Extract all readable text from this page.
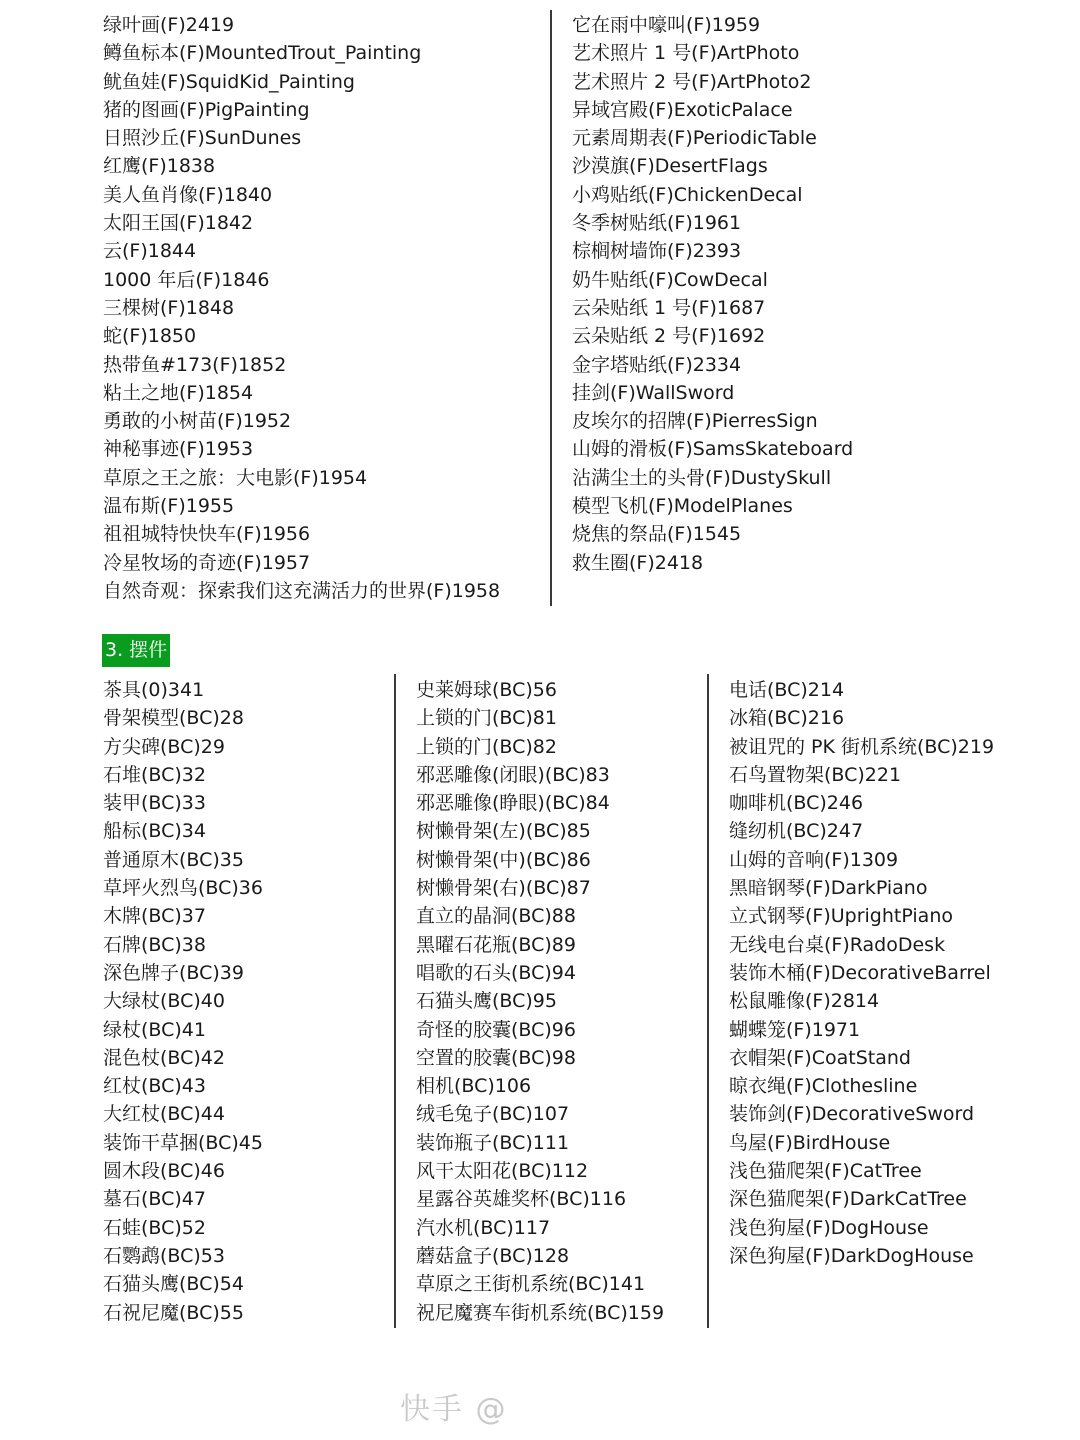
绿叶画(F)2419
鳟鱼标本(F)MountedTrout_Painting
鱿鱼娃(F)SquidKid_Painting
猪的图画(F)PigPainting
日照沙丘(F)SunDunes
红鹰(F)1838
美人鱼肖像(F)1840
太阳王国(F)1842
云(F)1844
1000 年后(F)1846
三棵树(F)1848
蛇(F)1850
热带鱼#173(F)1852
粘土之地(F)1854
勇敢的小树苗(F)1952
神秘事迹(F)1953
草原之王之旅：大电影(F)1954
温布斯(F)1955
祖祖城特快快车(F)1956
冷星牧场的奇迹(F)1957
自然奇观：探索我们这充满活力的世界(F)1958
它在雨中嚎叫(F)1959
艺术照片 1 号(F)ArtPhoto
艺术照片 2 号(F)ArtPhoto2
异域宫殿(F)ExoticPalace
元素周期表(F)PeriodicTable
沙漠旗(F)DesertFlags
小鸡贴纸(F)ChickenDecal
冬季树贴纸(F)1961
棕榈树墙饰(F)2393
奶牛贴纸(F)CowDecal
云朵贴纸 1 号(F)1687
云朵贴纸 2 号(F)1692
金字塔贴纸(F)2334
挂剑(F)WallSword
皮埃尔的招牌(F)PierresSign
山姆的滑板(F)SamsSkateboard
沾满尘土的头骨(F)DustySkull
模型飞机(F)ModelPlanes
烧焦的祭品(F)1545
救生圈(F)2418
3. 摆件
茶具(0)341
骨架模型(BC)28
方尖碑(BC)29
石堆(BC)32
装甲(BC)33
船标(BC)34
普通原木(BC)35
草坪火烈鸟(BC)36
木牌(BC)37
石牌(BC)38
深色牌子(BC)39
大绿杖(BC)40
绿杖(BC)41
混色杖(BC)42
红杖(BC)43
大红杖(BC)44
装饰干草捆(BC)45
圆木段(BC)46
墓石(BC)47
石蛙(BC)52
石鹦鹉(BC)53
石猫头鹰(BC)54
石祝尼魔(BC)55
史莱姆球(BC)56
上锁的门(BC)81
上锁的门(BC)82
邪恶雕像(闭眼)(BC)83
邪恶雕像(睁眼)(BC)84
树懒骨架(左)(BC)85
树懒骨架(中)(BC)86
树懒骨架(右)(BC)87
直立的晶洞(BC)88
黑曜石花瓶(BC)89
唱歌的石头(BC)94
石猫头鹰(BC)95
奇怪的胶囊(BC)96
空置的胶囊(BC)98
相机(BC)106
绒毛兔子(BC)107
装饰瓶子(BC)111
风干太阳花(BC)112
星露谷英雄奖杯(BC)116
汽水机(BC)117
蘑菇盒子(BC)128
草原之王街机系统(BC)141
祝尼魔赛车街机系统(BC)159
电话(BC)214
冰箱(BC)216
被诅咒的 PK 街机系统(BC)219
石鸟置物架(BC)221
咖啡机(BC)246
缝纫机(BC)247
山姆的音响(F)1309
黑暗钢琴(F)DarkPiano
立式钢琴(F)UprightPiano
无线电台桌(F)RadoDesk
装饰木桶(F)DecorativeBarrel
松鼠雕像(F)2814
蝴蝶笼(F)1971
衣帽架(F)CoatStand
晾衣绳(F)Clothesline
装饰剑(F)DecorativeSword
鸟屋(F)BirdHouse
浅色猫爬架(F)CatTree
深色猫爬架(F)DarkCatTree
浅色狗屋(F)DogHouse
深色狗屋(F)DarkDogHouse
快手 @
